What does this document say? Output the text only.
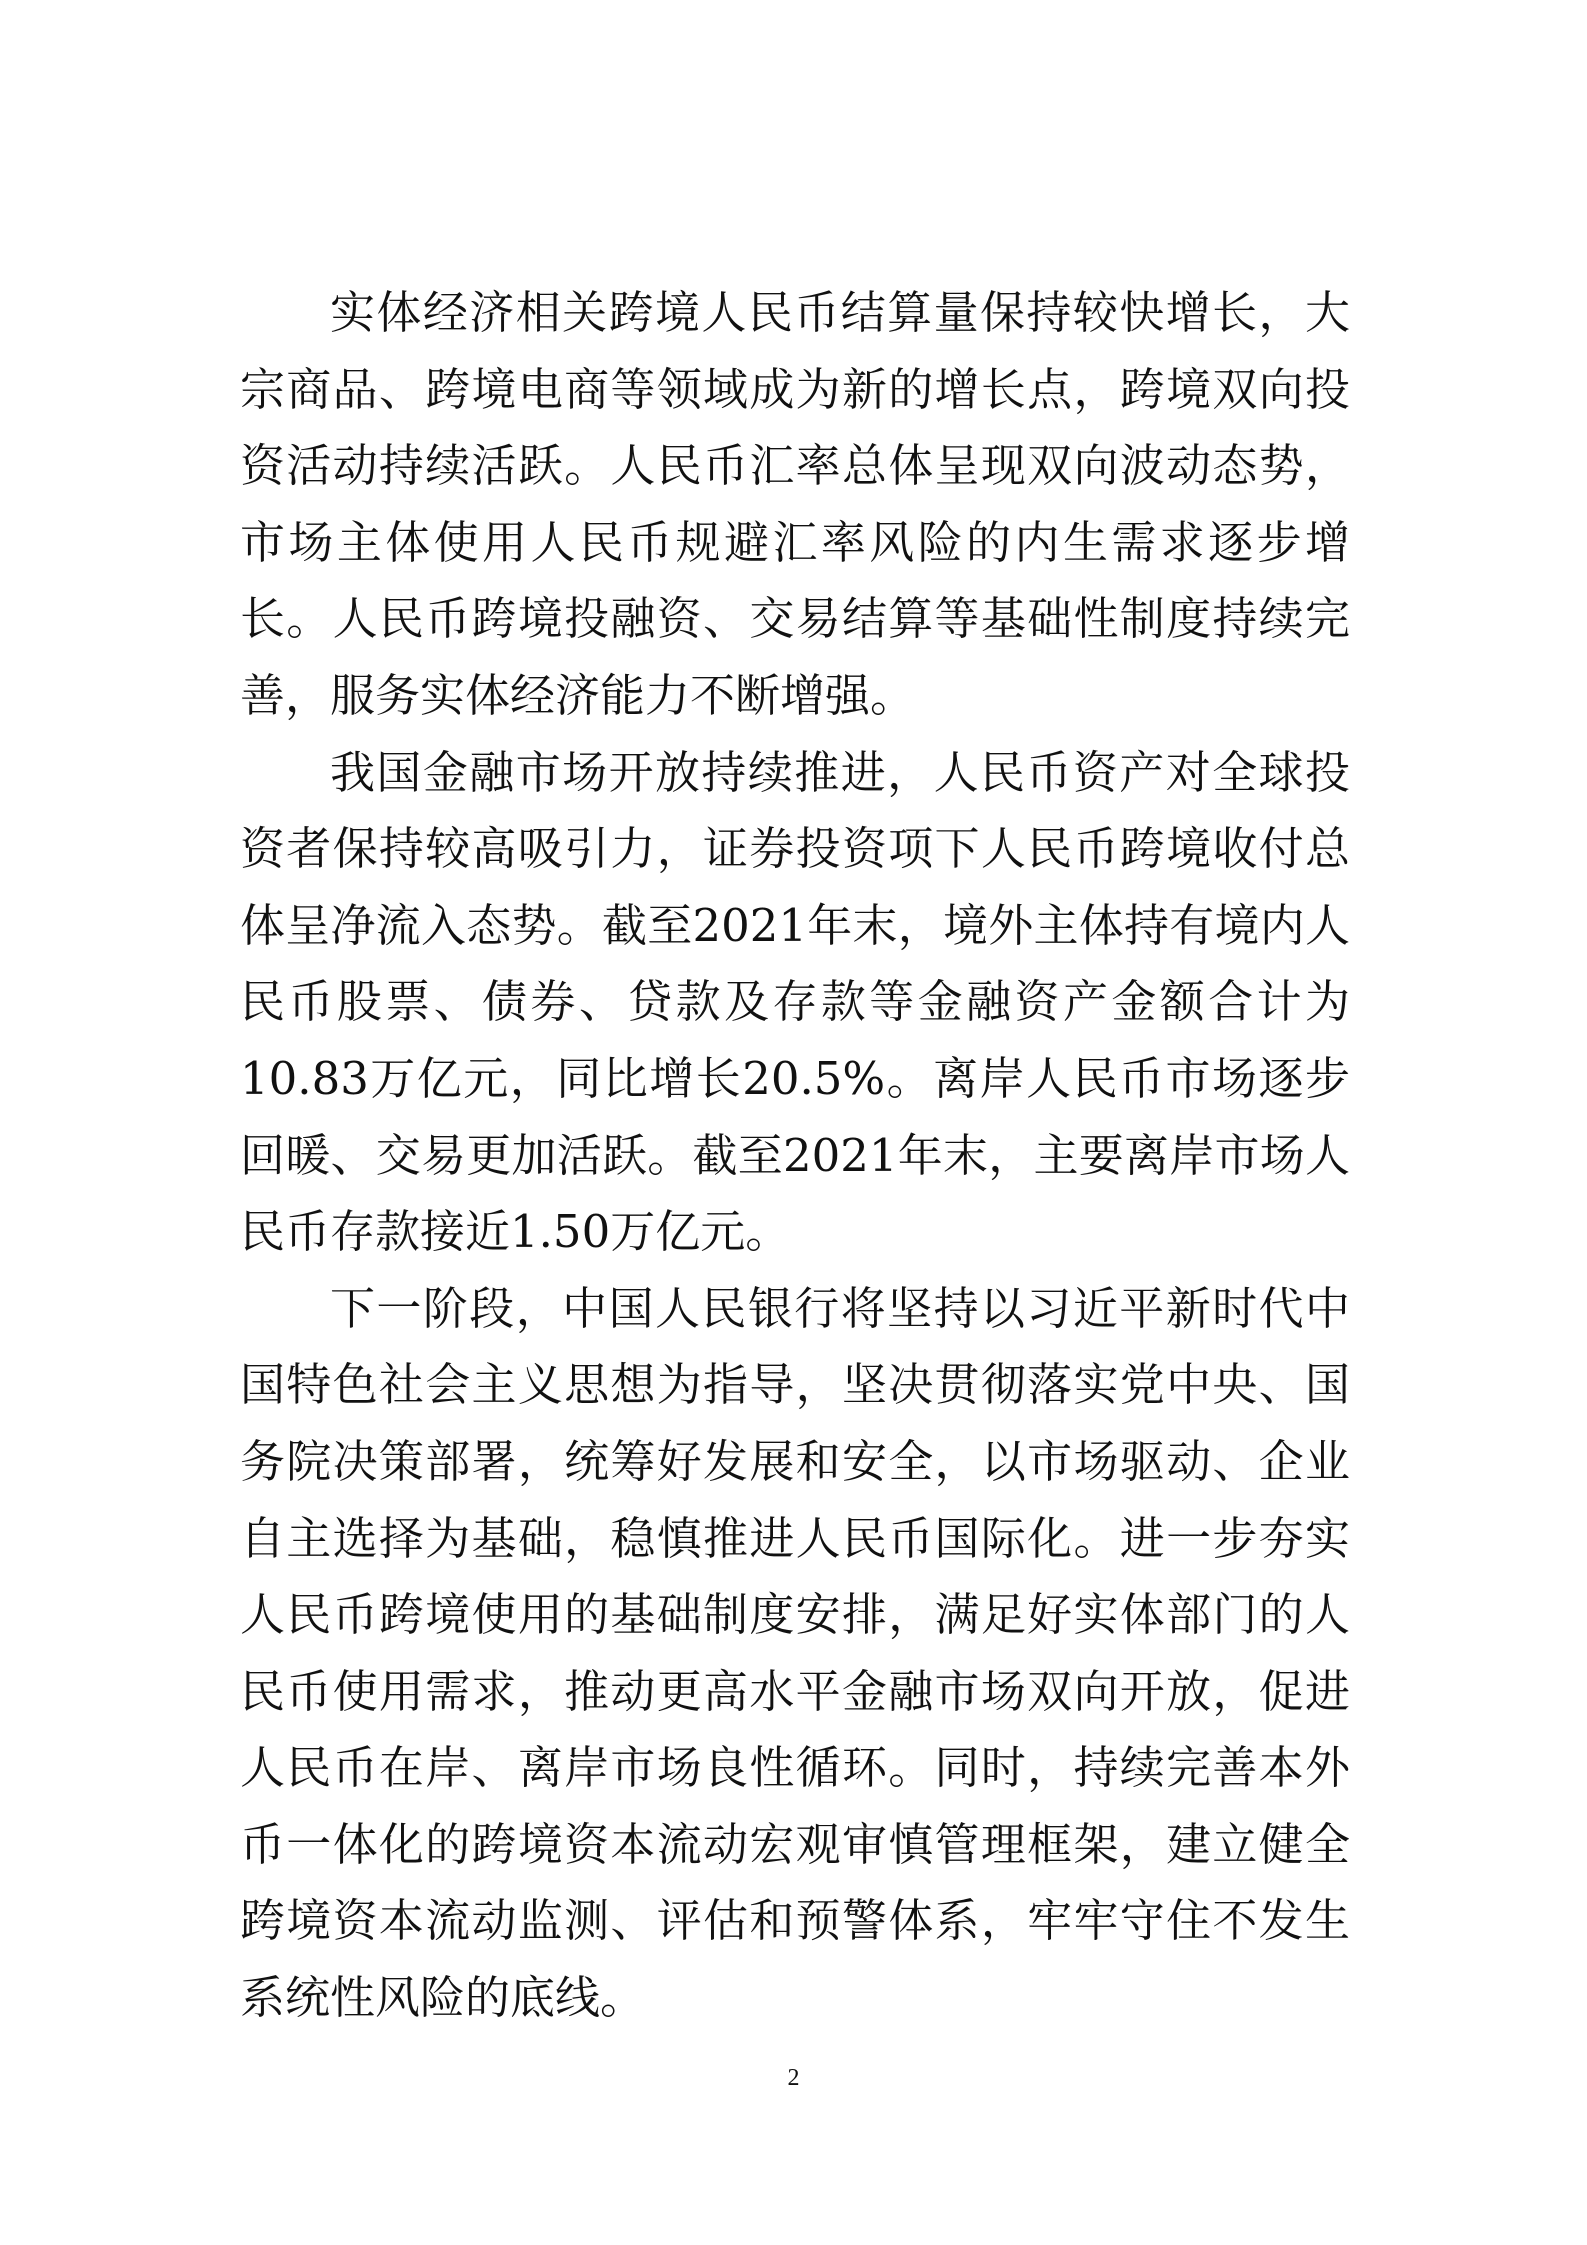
实体经济相关跨境人民币结算量保持较快增长，大宗商品、跨境电商等领域成为新的增长点，跨境双向投资活动持续活跃。人民币汇率总体呈现双向波动态势，市场主体使用人民币规避汇率风险的内生需求逐步增长。人民币跨境投融资、交易结算等基础性制度持续完善，服务实体经济能力不断增强。

我国金融市场开放持续推进，人民币资产对全球投资者保持较高吸引力，证券投资项下人民币跨境收付总体呈净流入态势。截至2021年末，境外主体持有境内人民币股票、债券、贷款及存款等金融资产金额合计为10.83万亿元，同比增长20.5%。离岸人民币市场逐步回暖、交易更加活跃。截至2021年末，主要离岸市场人民币存款接近1.50万亿元。

下一阶段，中国人民银行将坚持以习近平新时代中国特色社会主义思想为指导，坚决贯彻落实党中央、国务院决策部署，统筹好发展和安全，以市场驱动、企业自主选择为基础，稳慎推进人民币国际化。进一步夯实人民币跨境使用的基础制度安排，满足好实体部门的人民币使用需求，推动更高水平金融市场双向开放，促进人民币在岸、离岸市场良性循环。同时，持续完善本外币一体化的跨境资本流动宏观审慎管理框架，建立健全跨境资本流动监测、评估和预警体系，牢牢守住不发生系统性风险的底线。

2
